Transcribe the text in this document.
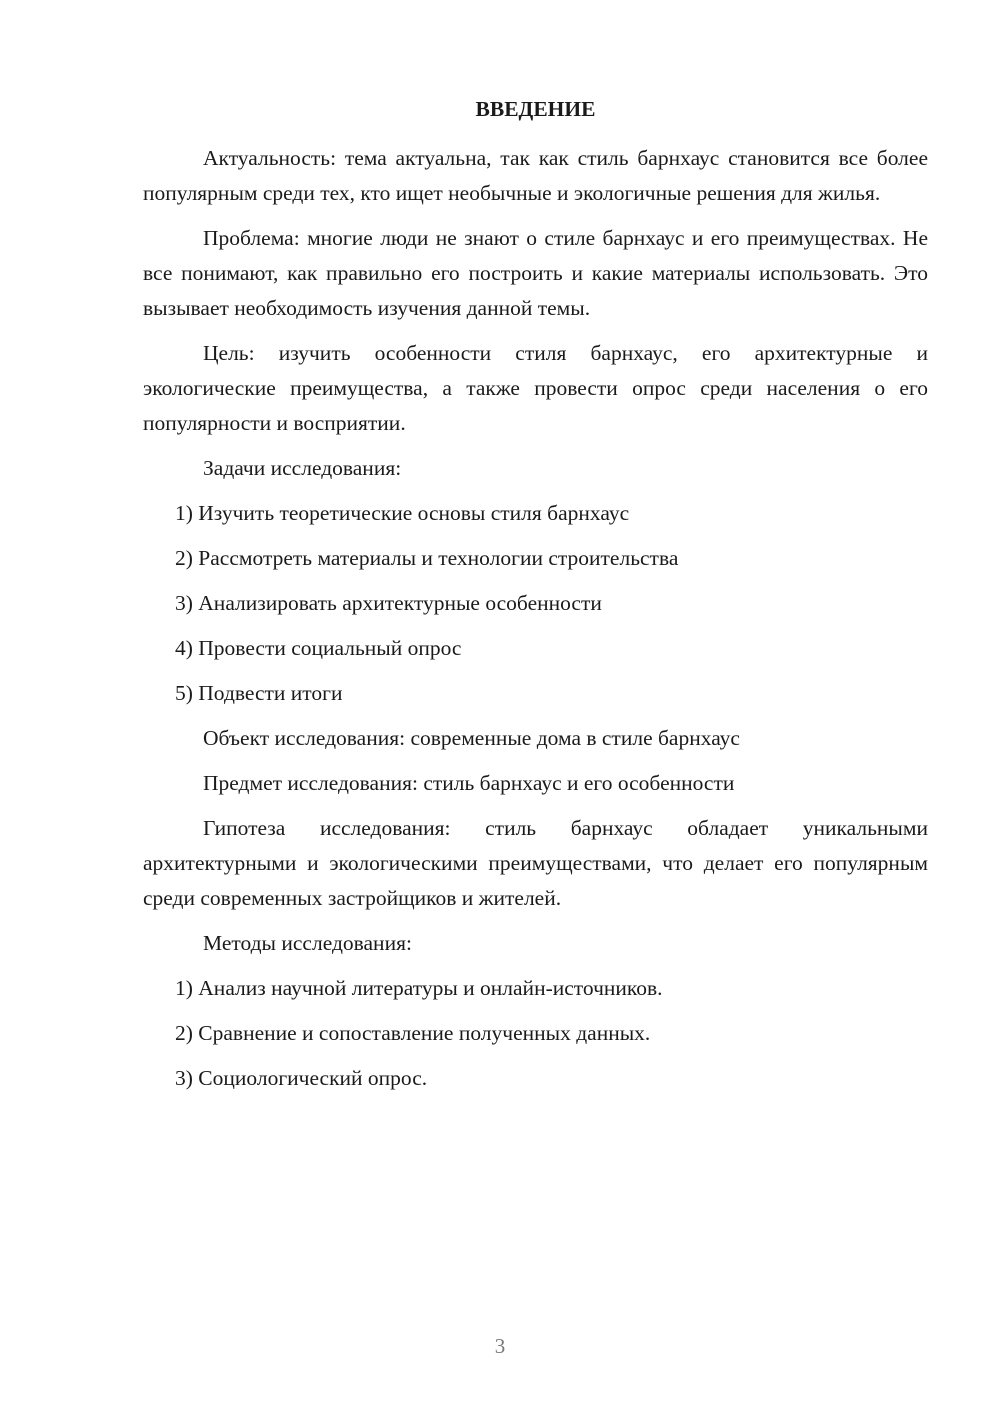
ВВЕДЕНИЕ

Актуальность: тема актуальна, так как стиль барнхаус становится все более популярным среди тех, кто ищет необычные и экологичные решения для жилья.

Проблема: многие люди не знают о стиле барнхаус и его преимуществах. Не все понимают, как правильно его построить и какие материалы использовать. Это вызывает необходимость изучения данной темы.

Цель: изучить особенности стиля барнхаус, его архитектурные и экологические преимущества, а также провести опрос среди населения о его популярности и восприятии.

Задачи исследования:

1) Изучить теоретические основы стиля барнхаус
2) Рассмотреть материалы и технологии строительства
3) Анализировать архитектурные особенности
4) Провести социальный опрос
5) Подвести итоги

Объект исследования: современные дома в стиле барнхаус

Предмет исследования: стиль барнхаус и его особенности

Гипотеза исследования: стиль барнхаус обладает уникальными архитектурными и экологическими преимуществами, что делает его популярным среди современных застройщиков и жителей.

Методы исследования:

1) Анализ научной литературы и онлайн-источников.
2) Сравнение и сопоставление полученных данных.
3) Социологический опрос.
3
